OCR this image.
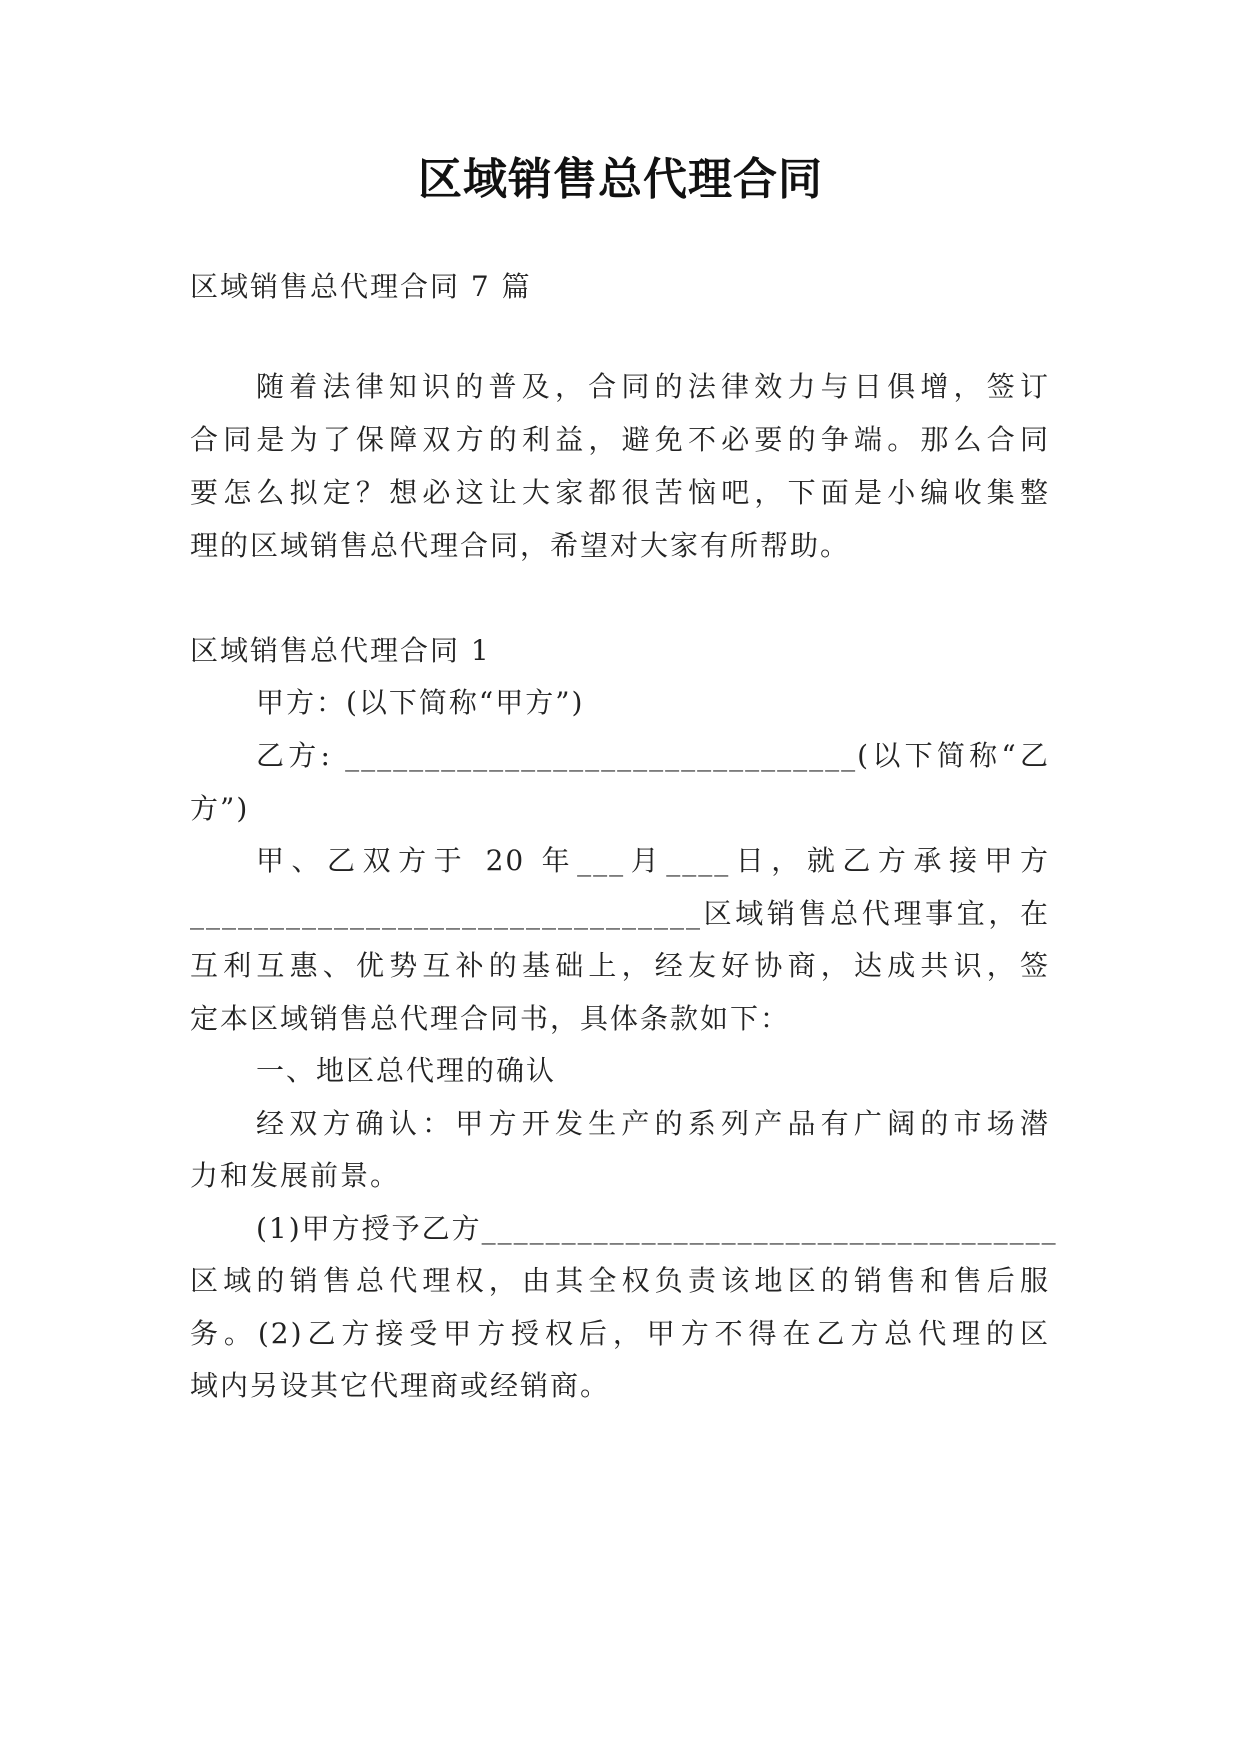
区域销售总代理合同
区域销售总代理合同 7 篇
随着法律知识的普及，合同的法律效力与日俱增，签订
合同是为了保障双方的利益，避免不必要的争端。那么合同
要怎么拟定？想必这让大家都很苦恼吧，下面是小编收集整
理的区域销售总代理合同，希望对大家有所帮助。
区域销售总代理合同 1
甲方：(以下简称“甲方”)
乙方: ________________________________(以下简称“乙
方”)
甲、乙双方于 20 年___月____日，就乙方承接甲方
________________________________区域销售总代理事宜，在
互利互惠、优势互补的基础上，经友好协商，达成共识，签
定本区域销售总代理合同书，具体条款如下：
一、地区总代理的确认
经双方确认：甲方开发生产的系列产品有广阔的市场潜
力和发展前景。
(1)甲方授予乙方____________________________________
区域的销售总代理权，由其全权负责该地区的销售和售后服
务。(2)乙方接受甲方授权后，甲方不得在乙方总代理的区
域内另设其它代理商或经销商。
